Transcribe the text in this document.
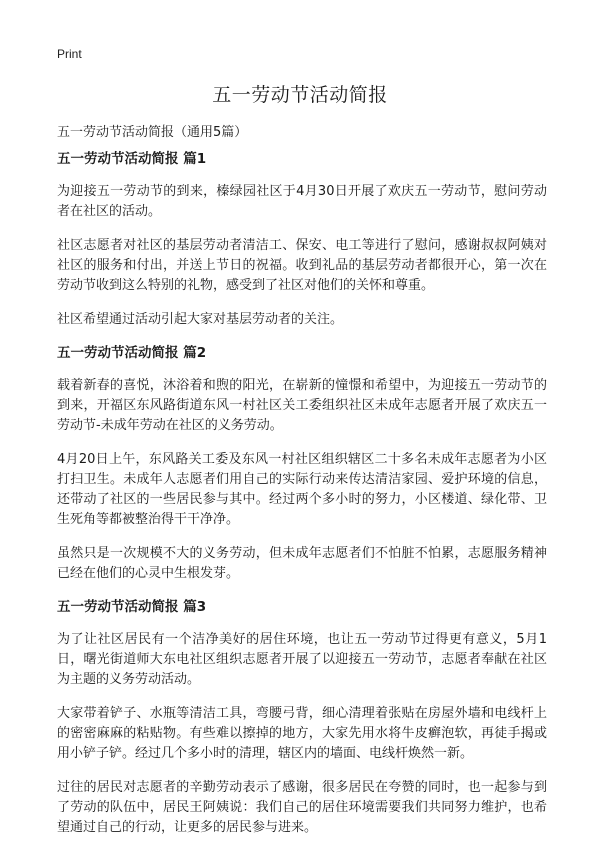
Print
五一劳动节活动简报

五一劳动节活动简报（通用5篇）

五一劳动节活动简报 篇1

为迎接五一劳动节的到来，榛绿园社区于4月30日开展了欢庆五一劳动节，慰问劳动者在社区的活动。

社区志愿者对社区的基层劳动者清洁工、保安、电工等进行了慰问，感谢叔叔阿姨对社区的服务和付出，并送上节日的祝福。收到礼品的基层劳动者都很开心，第一次在劳动节收到这么特别的礼物，感受到了社区对他们的关怀和尊重。

社区希望通过活动引起大家对基层劳动者的关注。

五一劳动节活动简报 篇2

载着新春的喜悦，沐浴着和煦的阳光，在崭新的憧憬和希望中，为迎接五一劳动节的到来，开福区东风路街道东风一村社区关工委组织社区未成年志愿者开展了欢庆五一劳动节-未成年劳动在社区的义务劳动。

4月20日上午，东风路关工委及东风一村社区组织辖区二十多名未成年志愿者为小区打扫卫生。未成年人志愿者们用自己的实际行动来传达清洁家园、爱护环境的信息，还带动了社区的一些居民参与其中。经过两个多小时的努力，小区楼道、绿化带、卫生死角等都被整治得干干净净。

虽然只是一次规模不大的义务劳动，但未成年志愿者们不怕脏不怕累，志愿服务精神已经在他们的心灵中生根发芽。

五一劳动节活动简报 篇3

为了让社区居民有一个洁净美好的居住环境，也让五一劳动节过得更有意义，5月1日，曙光街道师大东电社区组织志愿者开展了以迎接五一劳动节，志愿者奉献在社区为主题的义务劳动活动。

大家带着铲子、水瓶等清洁工具，弯腰弓背，细心清理着张贴在房屋外墙和电线杆上的密密麻麻的粘贴物。有些难以擦掉的地方，大家先用水将牛皮癣泡软，再徒手揭或用小铲子铲。经过几个多小时的清理，辖区内的墙面、电线杆焕然一新。

过往的居民对志愿者的辛勤劳动表示了感谢，很多居民在夸赞的同时，也一起参与到了劳动的队伍中，居民王阿姨说：我们自己的居住环境需要我们共同努力维护，也希望通过自己的行动，让更多的居民参与进来。
